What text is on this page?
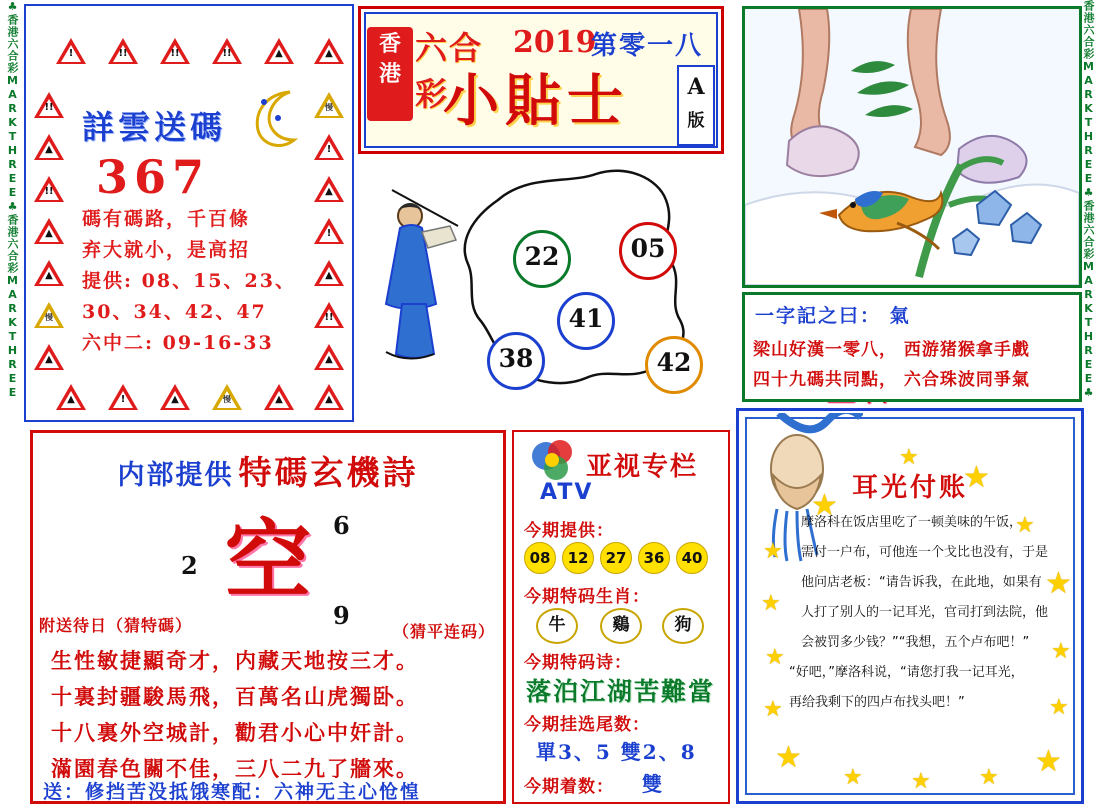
♣香港六合彩MARKTHREE♣香港六合彩MARKTHREE	香港六合彩MARKTHREE♣香港六合彩MARKTHREE♣
!	!!	!!	!!	▲	▲
!!
▲
!!
▲
▲
慢
▲
慢
!
▲
!
▲
!!
▲
▲	!	▲	慢	▲	▲
詳雲送碼
367
碼有碼路，千百條
弃大就小，是高招
提供: 08、15、23、
30、34、42、47
六中二: 09-16-33
香
港
六合彩
2019
第零一八
小貼士	A
版
22	05
41
38	42
一字記之曰： 氣
梁山好漢一零八， 西游猪猴拿手戲
四十九碼共同點， 六合珠波同爭氣
内部提供 特碼玄機詩
空 6
2
9
附送待日（猜特碼）	（猜平连码）
生性敏捷顯奇才，内藏天地按三才。
十裏封疆駿馬飛，百萬名山虎獨卧。
十八裏外空城計，勸君小心中奸計。
滿園春色關不佳，三八二九了牆來。
送：修挡苦没抵饿寒配：六神无主心怆惶
ATV
亚视专栏
今期提供：
08	12	27	36	40
今期特码生肖：
牛	鷄	狗
今期特码诗：
落泊江湖苦難當
今期挂选尾数：
單3、5 雙2、8
今期着数： 雙
★
★
★
★
★
★
★ ★ ★ ★
★
★
★
★
★
★
耳光付账
摩洛科在饭店里吃了一顿美味的午饭，
需付一户布，可他连一个戈比也没有，于是
他问店老板：“请告诉我，在此地，如果有
人打了别人的一记耳光，官司打到法院，他
会被罚多少钱？”“我想，五个卢布吧！”
“好吧，”摩洛科说，“请您打我一记耳光，
再给我剩下的四卢布找头吧！”
